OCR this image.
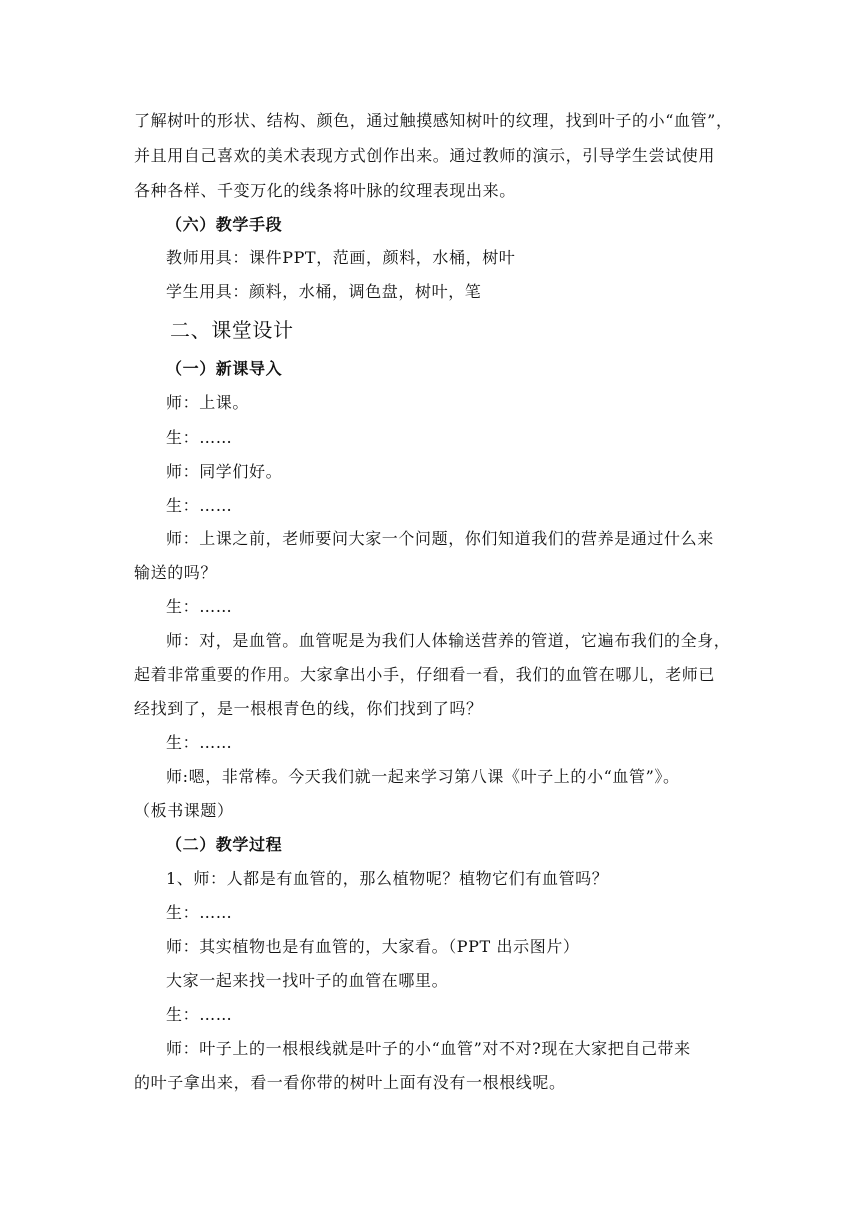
了解树叶的形状、结构、颜色，通过触摸感知树叶的纹理，找到叶子的小“血管”，
并且用自己喜欢的美术表现方式创作出来。通过教师的演示，引导学生尝试使用
各种各样、千变万化的线条将叶脉的纹理表现出来。
（六）教学手段
教师用具：课件PPT，范画，颜料，水桶，树叶
学生用具：颜料，水桶，调色盘，树叶，笔
二、课堂设计
（一）新课导入
师：上课。
生：……
师：同学们好。
生：……
师：上课之前，老师要问大家一个问题，你们知道我们的营养是通过什么来
输送的吗？
生：……
师：对，是血管。血管呢是为我们人体输送营养的管道，它遍布我们的全身，
起着非常重要的作用。大家拿出小手，仔细看一看，我们的血管在哪儿，老师已
经找到了，是一根根青色的线，你们找到了吗？
生：……
师:嗯，非常棒。今天我们就一起来学习第八课《叶子上的小“血管”》。
（板书课题）
（二）教学过程
1、师：人都是有血管的，那么植物呢？植物它们有血管吗？
生：……
师：其实植物也是有血管的，大家看。（PPT 出示图片）
大家一起来找一找叶子的血管在哪里。
生：……
师：叶子上的一根根线就是叶子的小“血管”对不对?现在大家把自己带来
的叶子拿出来，看一看你带的树叶上面有没有一根根线呢。
